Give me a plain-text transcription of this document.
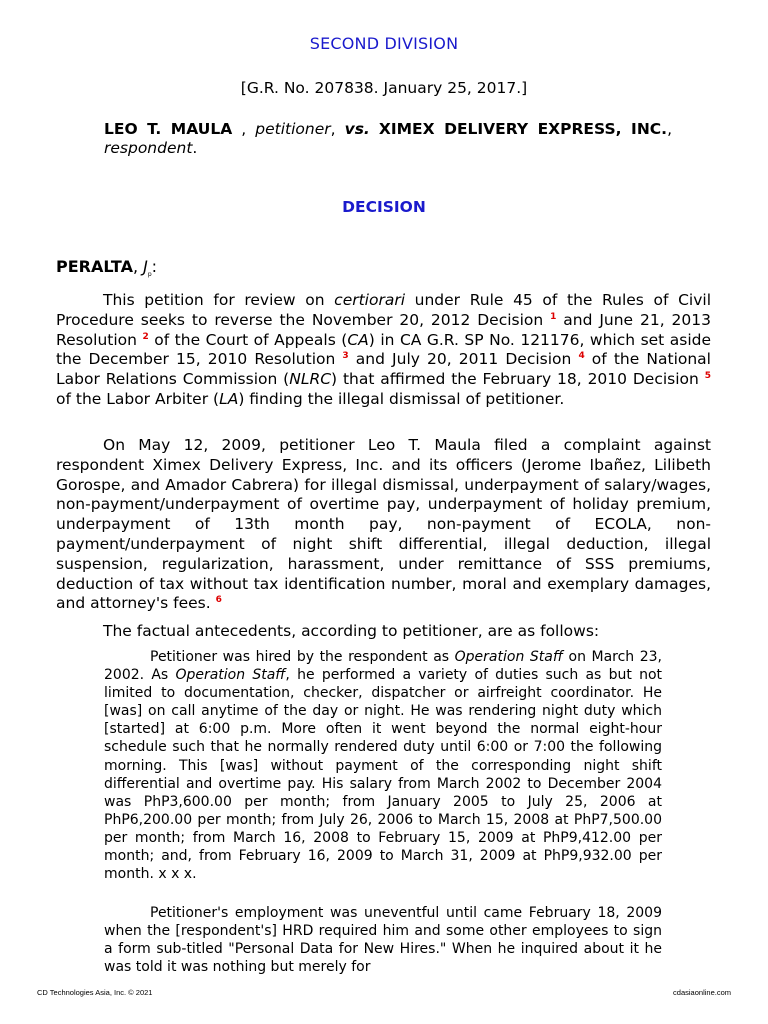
SECOND DIVISION
[G.R. No. 207838. January 25, 2017.]
LEO T. MAULA , petitioner, vs. XIMEX DELIVERY EXPRESS, INC., respondent.
DECISION
PERALTA, $J_p$:

This petition for review on certiorari under Rule 45 of the Rules of Civil Procedure seeks to reverse the November 20, 2012 Decision $^1$ and June 21, 2013 Resolution $^2$ of the Court of Appeals (CA) in CA G.R. SP No. 121176, which set aside the December 15, 2010 Resolution $^3$ and July 20, 2011 Decision $^4$ of the National Labor Relations Commission (NLRC) that affirmed the February 18, 2010 Decision $^5$ of the Labor Arbiter (LA) finding the illegal dismissal of petitioner.

On May 12, 2009, petitioner Leo T. Maula filed a complaint against respondent Ximex Delivery Express, Inc. and its officers (Jerome Ibañez, Lilibeth Gorospe, and Amador Cabrera) for illegal dismissal, underpayment of salary/wages, non-payment/underpayment of overtime pay, underpayment of holiday premium, underpayment of 13th month pay, non-payment of ECOLA, non-payment/underpayment of night shift differential, illegal deduction, illegal suspension, regularization, harassment, under remittance of SSS premiums, deduction of tax without tax identification number, moral and exemplary damages, and attorney's fees. $^6$

The factual antecedents, according to petitioner, are as follows:

Petitioner was hired by the respondent as Operation Staff on March 23, 2002. As Operation Staff, he performed a variety of duties such as but not limited to documentation, checker, dispatcher or airfreight coordinator. He [was] on call anytime of the day or night. He was rendering night duty which [started] at 6:00 p.m. More often it went beyond the normal eight-hour schedule such that he normally rendered duty until 6:00 or 7:00 the following morning. This [was] without payment of the corresponding night shift differential and overtime pay. His salary from March 2002 to December 2004 was PhP3,600.00 per month; from January 2005 to July 25, 2006 at PhP6,200.00 per month; from July 26, 2006 to March 15, 2008 at PhP7,500.00 per month; from March 16, 2008 to February 15, 2009 at PhP9,412.00 per month; and, from February 16, 2009 to March 31, 2009 at PhP9,932.00 per month. x x x.

Petitioner's employment was uneventful until came February 18, 2009 when the [respondent's] HRD required him and some other employees to sign a form sub-titled "Personal Data for New Hires." When he inquired about it he was told it was nothing but merely for

CD Technologies Asia, Inc. © 2021	cdasiaonline.com
